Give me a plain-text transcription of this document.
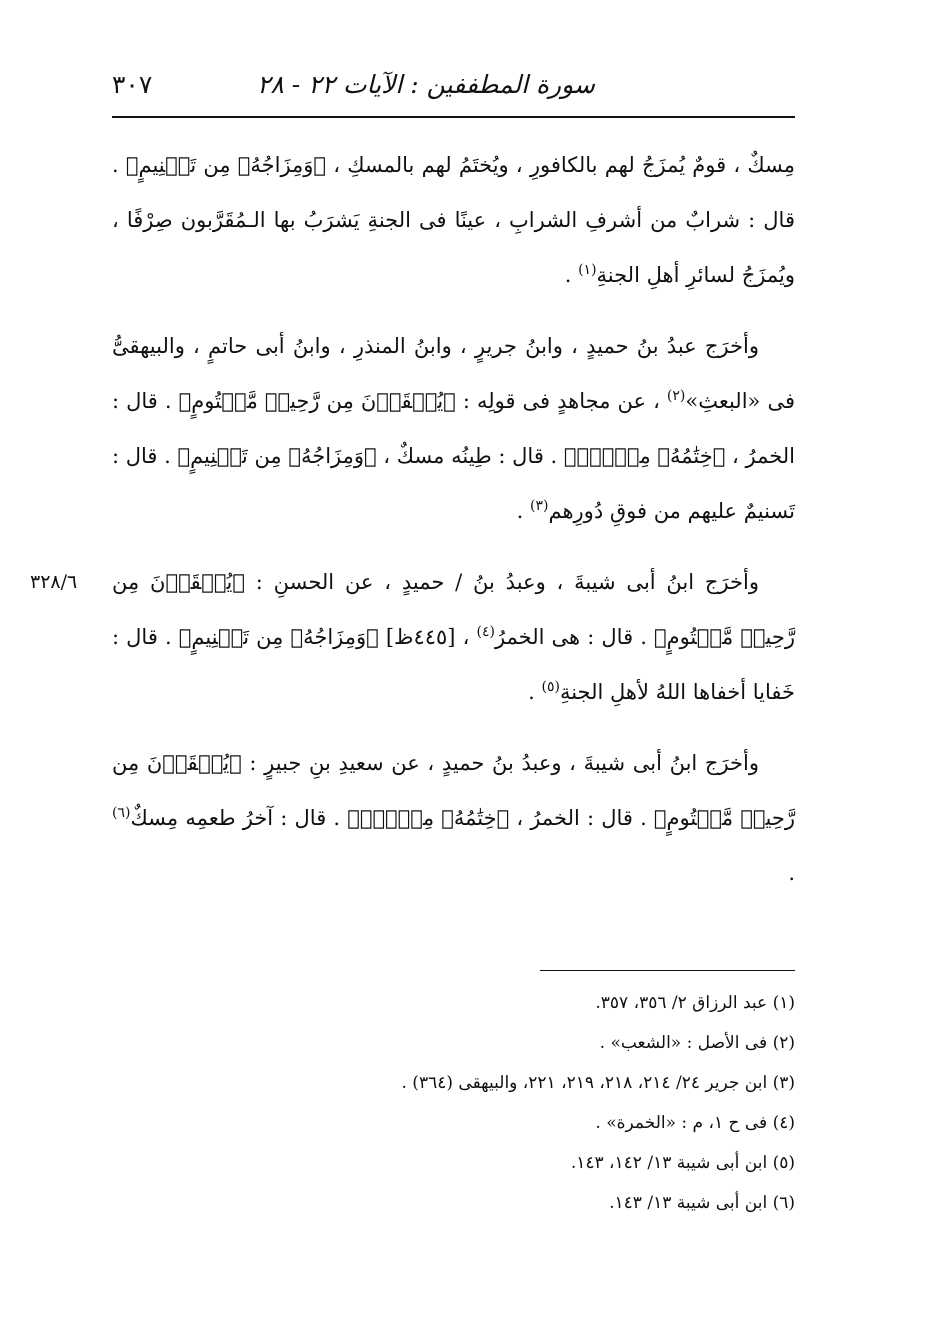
سورة المطففين : الآيات ٢٢ - ٢٨
٣٠٧

مِسكٌ ، قومٌ يُمزَجُ لهم بالكافورِ ، ويُختَمُ لهم بالمسكِ ، ﴿وَمِزَاجُهُۥ مِن تَسۡنِيمٍ﴾ . قال : شرابٌ من أشرفِ الشرابِ ، عينًا فى الجنةِ يَشرَبُ بها الـمُقَرَّبون صِرْفًا ، ويُمزَجُ لسائرِ أهلِ الجنةِ$^{(١)}$ .

وأخرَج عبدُ بنُ حميدٍ ، وابنُ جريرٍ ، وابنُ المنذرِ ، وابنُ أبى حاتمٍ ، والبيهقىُّ فى «البعثِ»$^{(٢)}$ ، عن مجاهدٍ فى قولِه : ﴿يُسۡقَوۡنَ مِن رَّحِيقٖ مَّخۡتُومٍ﴾ . قال : الخمرُ ، ﴿خِتَٰمُهُۥ مِسۡكٞۚ﴾ . قال : طِينُه مسكٌ ، ﴿وَمِزَاجُهُۥ مِن تَسۡنِيمٍ﴾ . قال : تَسنيمٌ عليهم من فوقِ دُورِهم$^{(٣)}$ .

٣٢٨/٦	وأخرَج ابنُ أبى شيبةَ ، وعبدُ بنُ / حميدٍ ، عن الحسنِ : ﴿يُسۡقَوۡنَ مِن رَّحِيقٖ مَّخۡتُومٍ﴾ . قال : هى الخمرُ$^{(٤)}$ ، [٤٤٥ظ] ﴿وَمِزَاجُهُۥ مِن تَسۡنِيمٍ﴾ . قال : خَفايا أخفاها اللهُ لأهلِ الجنةِ$^{(٥)}$ .

وأخرَج ابنُ أبى شيبةَ ، وعبدُ بنُ حميدٍ ، عن سعيدِ بنِ جبيرٍ : ﴿يُسۡقَوۡنَ مِن رَّحِيقٖ مَّخۡتُومٍ﴾ . قال : الخمرُ ، ﴿خِتَٰمُهُۥ مِسۡكٞۚ﴾ . قال : آخرُ طعمِه مِسكٌ$^{(٦)}$ .

(١) عبد الرزاق ٢/ ٣٥٦، ٣٥٧.

(٢) فى الأصل : «الشعب» .

(٣) ابن جرير ٢٤/ ٢١٤، ٢١٨، ٢١٩، ٢٢١، والبيهقى (٣٦٤) .

(٤) فى ح ١، م : «الخمرة» .

(٥) ابن أبى شيبة ١٣/ ١٤٢، ١٤٣.

(٦) ابن أبى شيبة ١٣/ ١٤٣.
